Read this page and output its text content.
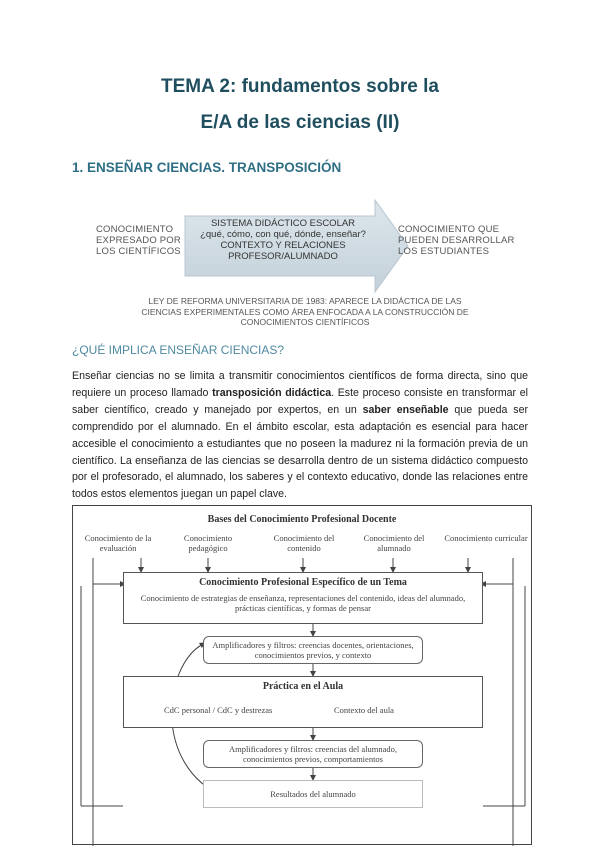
TEMA 2: fundamentos sobre la
E/A de las ciencias (II)
1. ENSEÑAR CIENCIAS. TRANSPOSICIÓN
CONOCIMIENTO EXPRESADO POR LOS CIENTÍFICOS
SISTEMA DIDÁCTICO ESCOLAR
¿qué, cómo, con qué, dónde, enseñar?
CONTEXTO Y RELACIONES
PROFESOR/ALUMNADO
CONOCIMIENTO QUE PUEDEN DESARROLLAR LOS ESTUDIANTES
LEY DE REFORMA UNIVERSITARIA DE 1983: APARECE LA DIDÁCTICA DE LAS CIENCIAS EXPERIMENTALES COMO ÁREA ENFOCADA A LA CONSTRUCCIÓN DE CONOCIMIENTOS CIENTÍFICOS
¿QUÉ IMPLICA ENSEÑAR CIENCIAS?
Enseñar ciencias no se limita a transmitir conocimientos científicos de forma directa, sino que requiere un proceso llamado transposición didáctica. Este proceso consiste en transformar el saber científico, creado y manejado por expertos, en un saber enseñable que pueda ser comprendido por el alumnado. En el ámbito escolar, esta adaptación es esencial para hacer accesible el conocimiento a estudiantes que no poseen la madurez ni la formación previa de un científico. La enseñanza de las ciencias se desarrolla dentro de un sistema didáctico compuesto por el profesorado, el alumnado, los saberes y el contexto educativo, donde las relaciones entre todos estos elementos juegan un papel clave.
Bases del Conocimiento Profesional Docente
Conocimiento de la evaluación
Conocimiento pedagógico
Conocimiento del contenido
Conocimiento del alumnado
Conocimiento curricular
Conocimiento Profesional Específico de un Tema
Conocimiento de estrategias de enseñanza, representaciones del contenido, ideas del alumnado, prácticas científicas, y formas de pensar
Amplificadores y filtros: creencias docentes, orientaciones, conocimientos previos, y contexto
Práctica en el Aula
CdC personal / CdC y destrezas	Contexto del aula
Amplificadores y filtros: creencias del alumnado, conocimientos previos, comportamientos
Resultados del alumnado
